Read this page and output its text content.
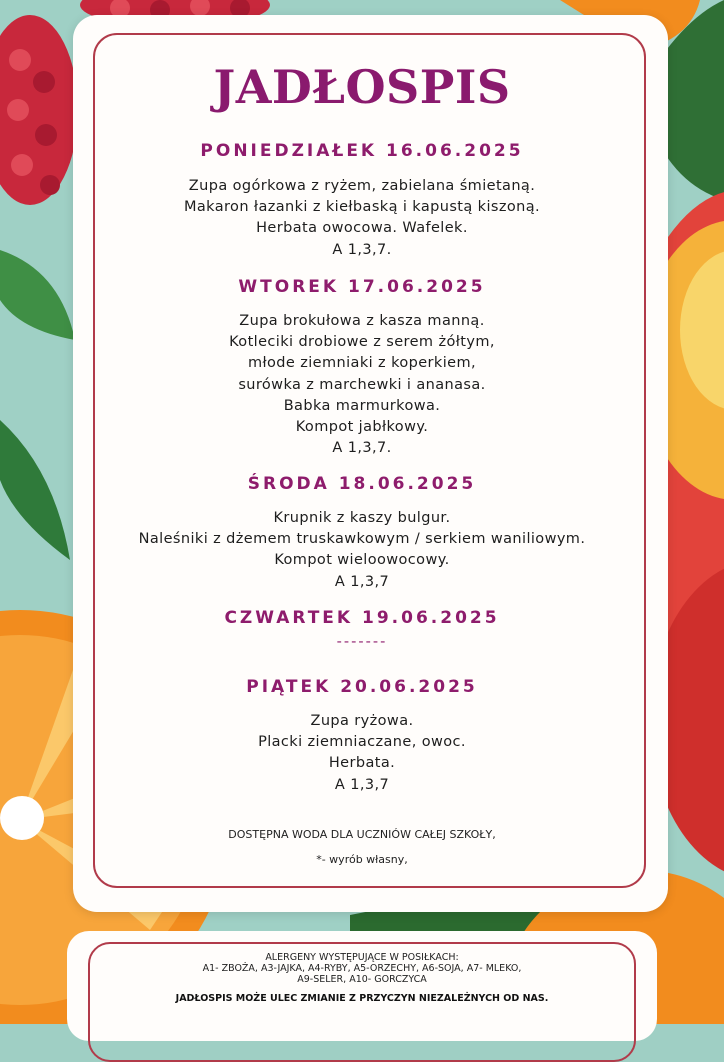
JADŁOSPIS
PONIEDZIAŁEK 16.06.2025
Zupa ogórkowa z ryżem, zabielana śmietaną.
Makaron łazanki z kiełbaską i kapustą kiszoną.
Herbata owocowa. Wafelek.
A 1,3,7.
WTOREK 17.06.2025
Zupa brokułowa z kasza manną.
Kotleciki drobiowe z serem żółtym,
młode ziemniaki z koperkiem,
surówka z marchewki i ananasa.
Babka marmurkowa.
Kompot jabłkowy.
A 1,3,7.
ŚRODA 18.06.2025
Krupnik z kaszy bulgur.
Naleśniki z dżemem truskawkowym / serkiem waniliowym.
Kompot wieloowocowy.
A 1,3,7
CZWARTEK 19.06.2025
-------
PIĄTEK 20.06.2025
Zupa ryżowa.
Placki ziemniaczane, owoc.
Herbata.
A 1,3,7
DOSTĘPNA WODA DLA UCZNIÓW CAŁEJ SZKOŁY,
*- wyrób własny,
ALERGENY WYSTĘPUJĄCE W POSIŁKACH:
A1- ZBOŻA, A3-JAJKA, A4-RYBY, A5-ORZECHY, A6-SOJA, A7- MLEKO,
A9-SELER, A10- GORCZYCA
JADŁOSPIS MOŻE ULEC ZMIANIE Z PRZYCZYN NIEZALEŻNYCH OD NAS.
